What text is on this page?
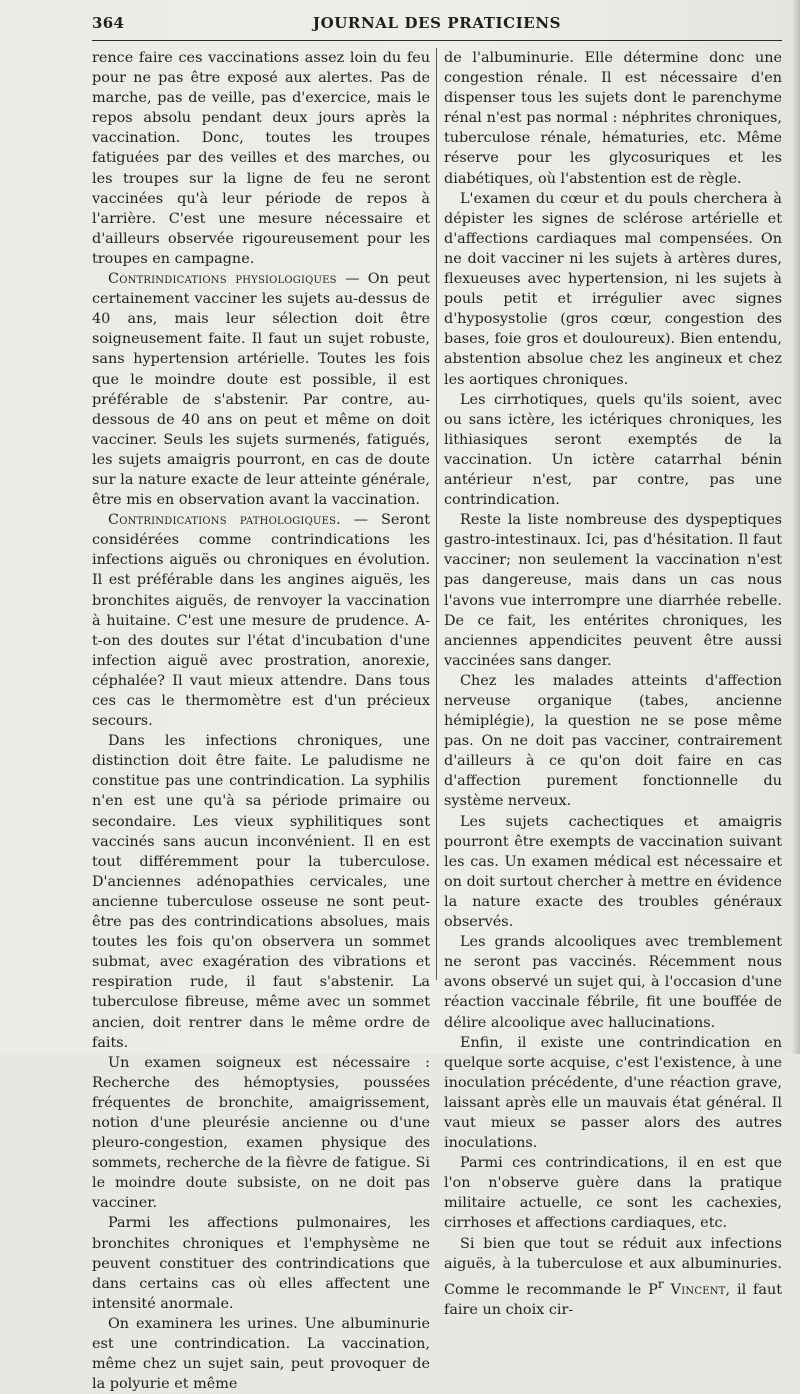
364	JOURNAL DES PRATICIENS

rence faire ces vaccinations assez loin du feu pour ne pas être exposé aux alertes. Pas de marche, pas de veille, pas d'exercice, mais le repos absolu pendant deux jours après la vaccination. Donc, toutes les troupes fatiguées par des veilles et des marches, ou les troupes sur la ligne de feu ne seront vaccinées qu'à leur période de repos à l'arrière. C'est une mesure nécessaire et d'ailleurs observée rigoureusement pour les troupes en campagne.

Contrindications physiologiques — On peut certainement vacciner les sujets au-dessus de 40 ans, mais leur sélection doit être soigneusement faite. Il faut un sujet robuste, sans hypertension artérielle. Toutes les fois que le moindre doute est possible, il est préférable de s'abstenir. Par contre, au-dessous de 40 ans on peut et même on doit vacciner. Seuls les sujets surmenés, fatigués, les sujets amaigris pourront, en cas de doute sur la nature exacte de leur atteinte générale, être mis en observation avant la vaccination.

Contrindications pathologiques. — Seront considérées comme contrindications les infections aiguës ou chroniques en évolution. Il est préférable dans les angines aiguës, les bronchites aiguës, de renvoyer la vaccination à huitaine. C'est une mesure de prudence. A-t-on des doutes sur l'état d'incubation d'une infection aiguë avec prostration, anorexie, céphalée? Il vaut mieux attendre. Dans tous ces cas le thermomètre est d'un précieux secours.

Dans les infections chroniques, une distinction doit être faite. Le paludisme ne constitue pas une contrindication. La syphilis n'en est une qu'à sa période primaire ou secondaire. Les vieux syphilitiques sont vaccinés sans aucun inconvénient. Il en est tout différemment pour la tuberculose. D'anciennes adénopathies cervicales, une ancienne tuberculose osseuse ne sont peut-être pas des contrindications absolues, mais toutes les fois qu'on observera un sommet submat, avec exagération des vibrations et respiration rude, il faut s'abstenir. La tuberculose fibreuse, même avec un sommet ancien, doit rentrer dans le même ordre de faits.

Un examen soigneux est nécessaire : Recherche des hémoptysies, poussées fréquentes de bronchite, amaigrissement, notion d'une pleurésie ancienne ou d'une pleuro-congestion, examen physique des sommets, recherche de la fièvre de fatigue. Si le moindre doute subsiste, on ne doit pas vacciner.

Parmi les affections pulmonaires, les bronchites chroniques et l'emphysème ne peuvent constituer des contrindications que dans certains cas où elles affectent une intensité anormale.

On examinera les urines. Une albuminurie est une contrindication. La vaccination, même chez un sujet sain, peut provoquer de la polyurie et même

de l'albuminurie. Elle détermine donc une congestion rénale. Il est nécessaire d'en dispenser tous les sujets dont le parenchyme rénal n'est pas normal : néphrites chroniques, tuberculose rénale, hématuries, etc. Même réserve pour les glycosuriques et les diabétiques, où l'abstention est de règle.

L'examen du cœur et du pouls cherchera à dépister les signes de sclérose artérielle et d'affections cardiaques mal compensées. On ne doit vacciner ni les sujets à artères dures, flexueuses avec hypertension, ni les sujets à pouls petit et irrégulier avec signes d'hyposystolie (gros cœur, congestion des bases, foie gros et douloureux). Bien entendu, abstention absolue chez les angineux et chez les aortiques chroniques.

Les cirrhotiques, quels qu'ils soient, avec ou sans ictère, les ictériques chroniques, les lithiasiques seront exemptés de la vaccination. Un ictère catarrhal bénin antérieur n'est, par contre, pas une contrindication.

Reste la liste nombreuse des dyspeptiques gastro-intestinaux. Ici, pas d'hésitation. Il faut vacciner; non seulement la vaccination n'est pas dangereuse, mais dans un cas nous l'avons vue interrompre une diarrhée rebelle. De ce fait, les entérites chroniques, les anciennes appendicites peuvent être aussi vaccinées sans danger.

Chez les malades atteints d'affection nerveuse organique (tabes, ancienne hémiplégie), la question ne se pose même pas. On ne doit pas vacciner, contrairement d'ailleurs à ce qu'on doit faire en cas d'affection purement fonctionnelle du système nerveux.

Les sujets cachectiques et amaigris pourront être exempts de vaccination suivant les cas. Un examen médical est nécessaire et on doit surtout chercher à mettre en évidence la nature exacte des troubles généraux observés.

Les grands alcooliques avec tremblement ne seront pas vaccinés. Récemment nous avons observé un sujet qui, à l'occasion d'une réaction vaccinale fébrile, fit une bouffée de délire alcoolique avec hallucinations.

Enfin, il existe une contrindication en quelque sorte acquise, c'est l'existence, à une inoculation précédente, d'une réaction grave, laissant après elle un mauvais état général. Il vaut mieux se passer alors des autres inoculations.

Parmi ces contrindications, il en est que l'on n'observe guère dans la pratique militaire actuelle, ce sont les cachexies, cirrhoses et affections cardiaques, etc.

Si bien que tout se réduit aux infections aiguës, à la tuberculose et aux albuminuries. Comme le recommande le $P^r$ Vincent, il faut faire un choix cir-
